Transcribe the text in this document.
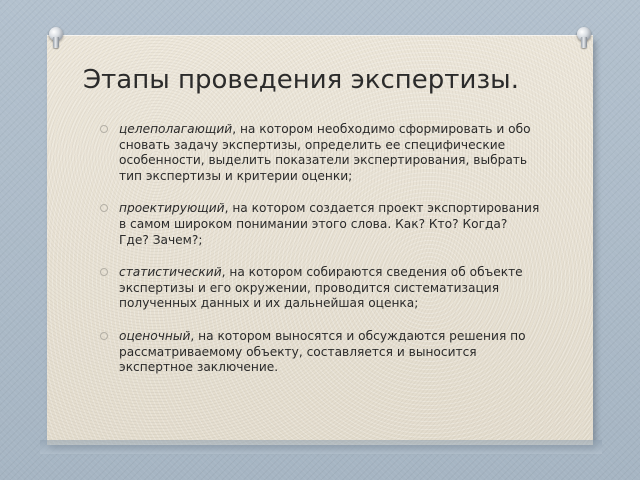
Этапы проведения экспертизы.
целеполагающий, на котором необходимо сформировать и обо сновать задачу экспертизы, определить ее специфические особенности, выделить показатели экспертирования, выбрать тип экспертизы и критерии оценки;
проектирующий, на котором создается проект экспортирования в самом широком понимании этого слова. Как? Кто? Когда? Где? Зачем?;
статистический, на котором собираются сведения об объекте экспертизы и его окружении, проводится систематизация полученных данных и их дальнейшая оценка;
оценочный, на котором выносятся и обсуждаются решения по рассматриваемому объекту, составляется и выносится экспертное заключение.
